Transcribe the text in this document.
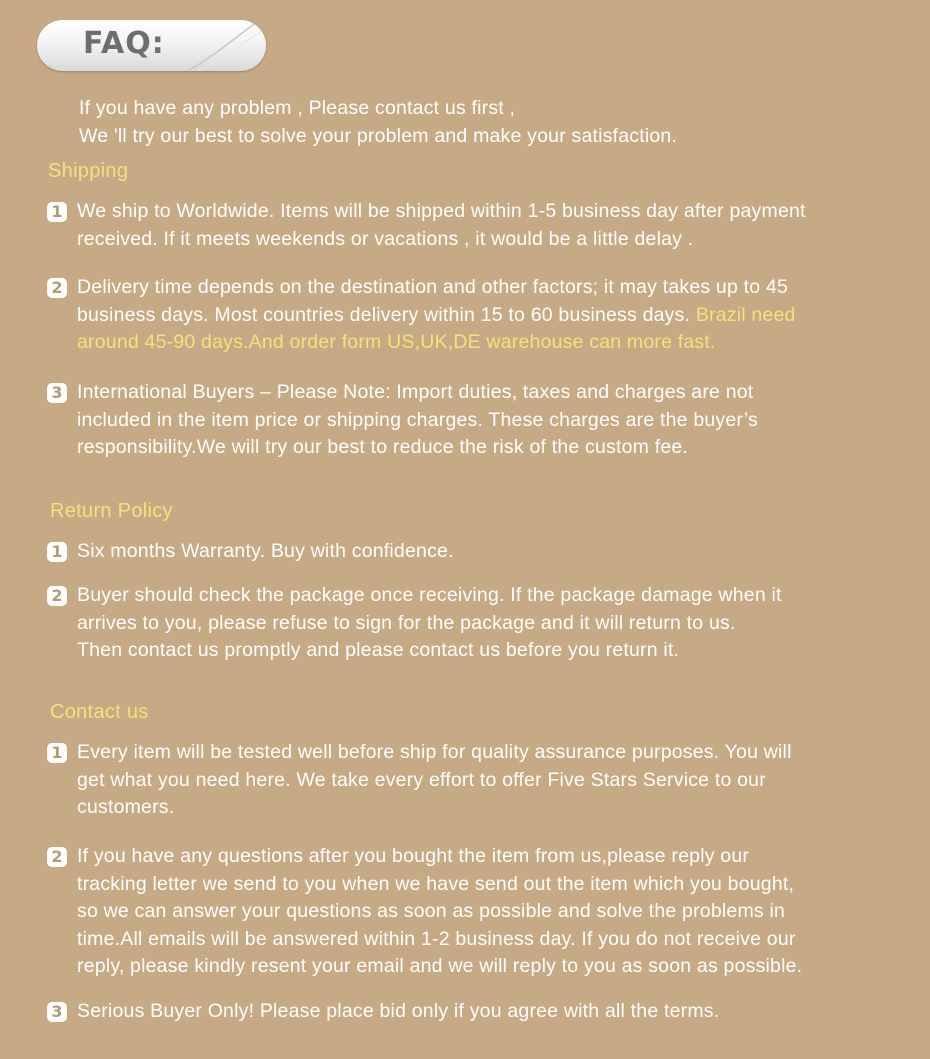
FAQ:
If you have any problem , Please contact us first ,
We 'll try our best to solve your problem and make your satisfaction.
Shipping
1 We ship to Worldwide. Items will be shipped within 1-5 business day after payment
received. If it meets weekends or vacations , it would be a little delay .
2 Delivery time depends on the destination and other factors; it may takes up to 45
business days. Most countries delivery within 15 to 60 business days. Brazil need
around 45-90 days.And order form US,UK,DE warehouse can more fast.
3 International Buyers – Please Note: Import duties, taxes and charges are not
included in the item price or shipping charges. These charges are the buyer’s
responsibility.We will try our best to reduce the risk of the custom fee.
Return Policy
1 Six months Warranty. Buy with confidence.
2 Buyer should check the package once receiving. If the package damage when it
arrives to you, please refuse to sign for the package and it will return to us.
Then contact us promptly and please contact us before you return it.
Contact us
1 Every item will be tested well before ship for quality assurance purposes. You will
get what you need here. We take every effort to offer Five Stars Service to our
customers.
2 If you have any questions after you bought the item from us,please reply our
tracking letter we send to you when we have send out the item which you bought,
so we can answer your questions as soon as possible and solve the problems in
time.All emails will be answered within 1-2 business day. If you do not receive our
reply, please kindly resent your email and we will reply to you as soon as possible.
3 Serious Buyer Only! Please place bid only if you agree with all the terms.
